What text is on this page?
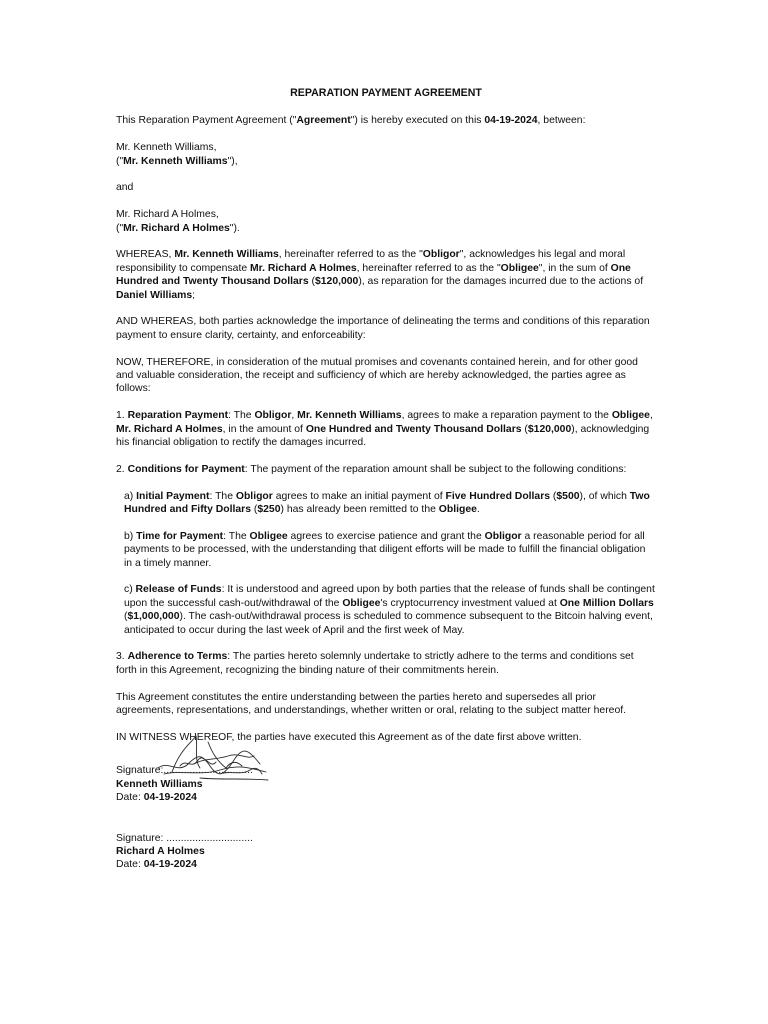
REPARATION PAYMENT AGREEMENT

This Reparation Payment Agreement ("Agreement") is hereby executed on this 04-19-2024, between:

Mr. Kenneth Williams,
("Mr. Kenneth Williams"),

and

Mr. Richard A Holmes,
("Mr. Richard A Holmes").

WHEREAS, Mr. Kenneth Williams, hereinafter referred to as the "Obligor", acknowledges his legal and moral responsibility to compensate Mr. Richard A Holmes, hereinafter referred to as the "Obligee", in the sum of One Hundred and Twenty Thousand Dollars ($120,000), as reparation for the damages incurred due to the actions of Daniel Williams;

AND WHEREAS, both parties acknowledge the importance of delineating the terms and conditions of this reparation payment to ensure clarity, certainty, and enforceability:

NOW, THEREFORE, in consideration of the mutual promises and covenants contained herein, and for other good and valuable consideration, the receipt and sufficiency of which are hereby acknowledged, the parties agree as follows:

1. Reparation Payment: The Obligor, Mr. Kenneth Williams, agrees to make a reparation payment to the Obligee, Mr. Richard A Holmes, in the amount of One Hundred and Twenty Thousand Dollars ($120,000), acknowledging his financial obligation to rectify the damages incurred.

2. Conditions for Payment: The payment of the reparation amount shall be subject to the following conditions:

a) Initial Payment: The Obligor agrees to make an initial payment of Five Hundred Dollars ($500), of which Two Hundred and Fifty Dollars ($250) has already been remitted to the Obligee.

b) Time for Payment: The Obligee agrees to exercise patience and grant the Obligor a reasonable period for all payments to be processed, with the understanding that diligent efforts will be made to fulfill the financial obligation in a timely manner.

c) Release of Funds: It is understood and agreed upon by both parties that the release of funds shall be contingent upon the successful cash-out/withdrawal of the Obligee's cryptocurrency investment valued at One Million Dollars ($1,000,000). The cash-out/withdrawal process is scheduled to commence subsequent to the Bitcoin halving event, anticipated to occur during the last week of April and the first week of May.

3. Adherence to Terms: The parties hereto solemnly undertake to strictly adhere to the terms and conditions set forth in this Agreement, recognizing the binding nature of their commitments herein.

This Agreement constitutes the entire understanding between the parties hereto and supersedes all prior agreements, representations, and understandings, whether written or oral, relating to the subject matter hereof.

IN WITNESS WHEREOF, the parties have executed this Agreement as of the date first above written.

Signature:...............................
Kenneth Williams
Date: 04-19-2024
Signature: ..............................
Richard A Holmes
Date: 04-19-2024
